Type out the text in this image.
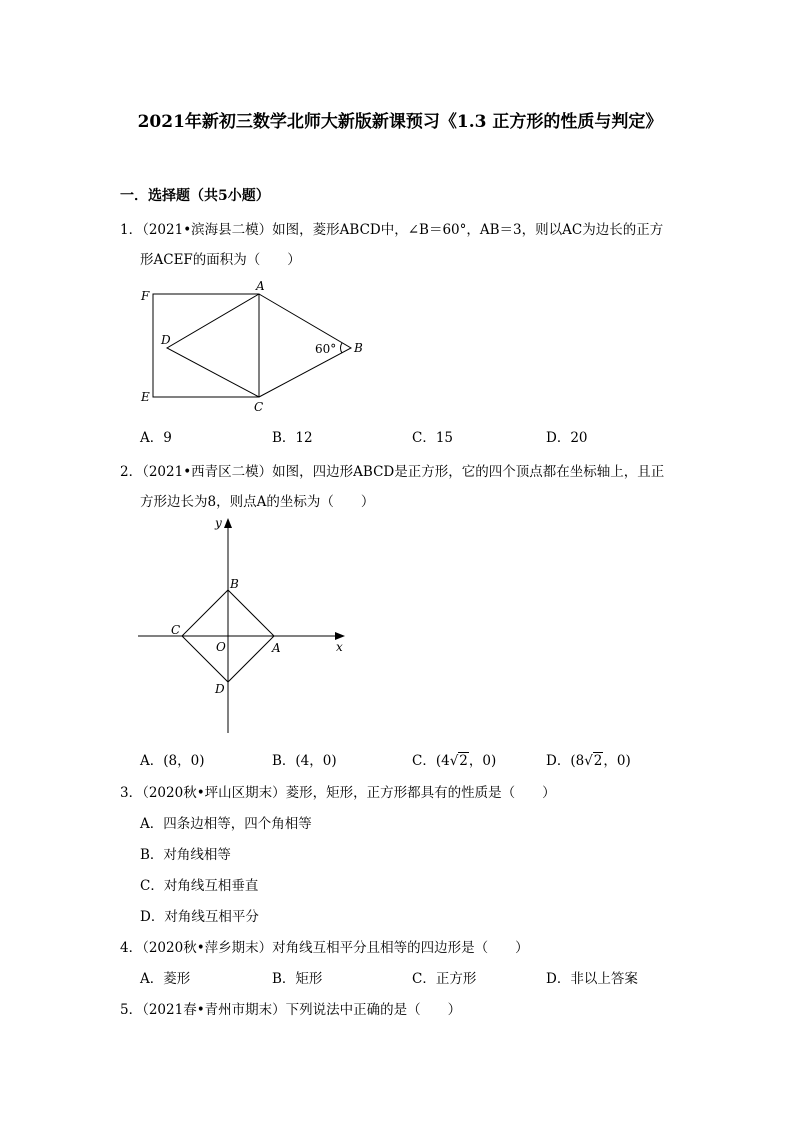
2021年新初三数学北师大新版新课预习《1.3 正方形的性质与判定》
一．选择题（共5小题）
1．（2021•滨海县二模）如图，菱形ABCD中，∠B＝60°，AB＝3，则以AC为边长的正方
形ACEF的面积为（　　）
F
A
D
B
E
C
60°
A．9	B．12	C．15	D．20
2．（2021•西青区二模）如图，四边形ABCD是正方形，它的四个顶点都在坐标轴上，且正
方形边长为8，则点A的坐标为（　　）
y
x
B
C
O	A
D
A．(8，0)	B．(4，0)	C．(4√2，0)	D．(8√2，0)
3．（2020秋•坪山区期末）菱形，矩形，正方形都具有的性质是（　　）
A．四条边相等，四个角相等
B．对角线相等
C．对角线互相垂直
D．对角线互相平分
4．（2020秋•萍乡期末）对角线互相平分且相等的四边形是（　　）
A．菱形	B．矩形	C．正方形	D．非以上答案
5．（2021春•青州市期末）下列说法中正确的是（　　）
